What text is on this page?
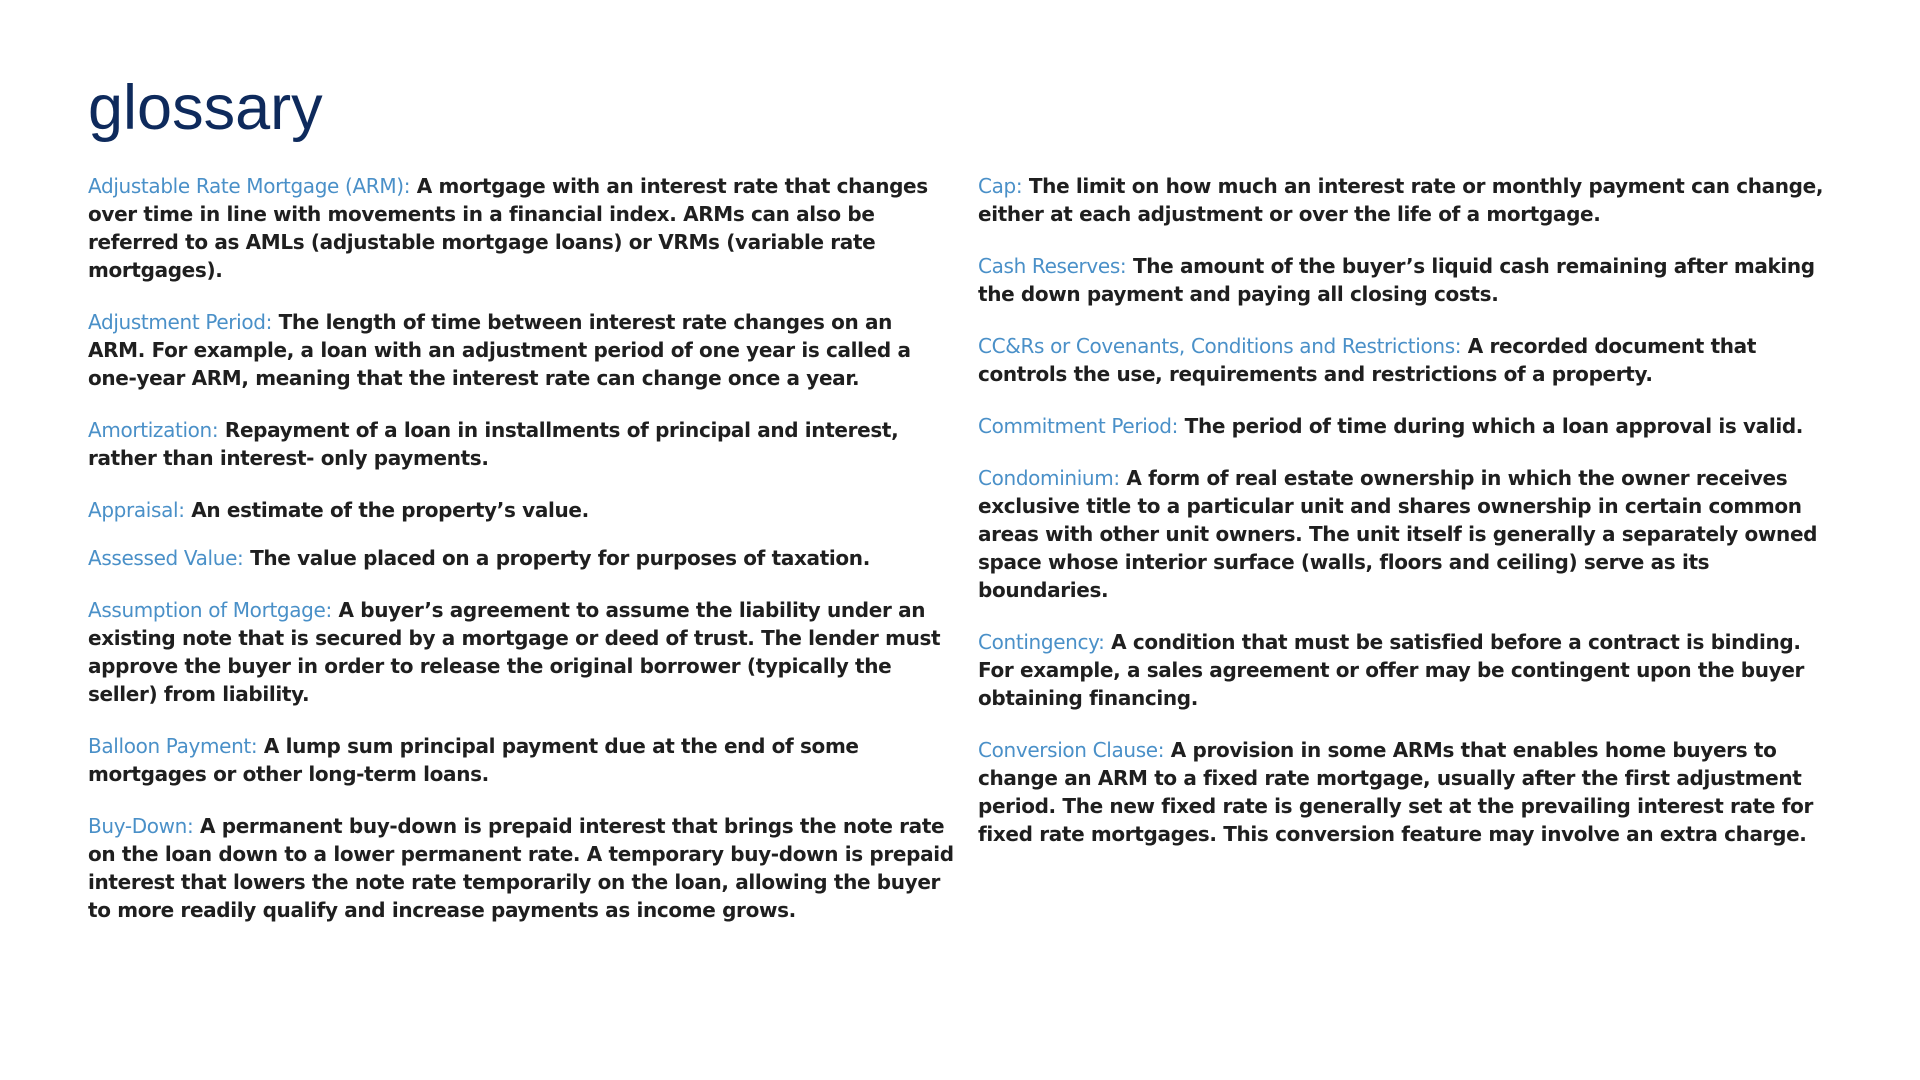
glossary

Adjustable Rate Mortgage (ARM): A mortgage with an interest rate that changes over time in line with movements in a financial index. ARMs can also be referred to as AMLs (adjustable mortgage loans) or VRMs (variable rate mortgages).

Adjustment Period: The length of time between interest rate changes on an ARM. For example, a loan with an adjustment period of one year is called a one-year ARM, meaning that the interest rate can change once a year.

Amortization: Repayment of a loan in installments of principal and interest, rather than interest- only payments.

Appraisal: An estimate of the property’s value.

Assessed Value: The value placed on a property for purposes of taxation.

Assumption of Mortgage: A buyer’s agreement to assume the liability under an existing note that is secured by a mortgage or deed of trust. The lender must approve the buyer in order to release the original borrower (typically the seller) from liability.

Balloon Payment: A lump sum principal payment due at the end of some mortgages or other long-term loans.

Buy-Down: A permanent buy-down is prepaid interest that brings the note rate on the loan down to a lower permanent rate. A temporary buy-down is prepaid interest that lowers the note rate temporarily on the loan, allowing the buyer to more readily qualify and increase payments as income grows.

Cap: The limit on how much an interest rate or monthly payment can change, either at each adjustment or over the life of a mortgage.

Cash Reserves: The amount of the buyer’s liquid cash remaining after making the down payment and paying all closing costs.

CC&Rs or Covenants, Conditions and Restrictions: A recorded document that controls the use, requirements and restrictions of a property.

Commitment Period: The period of time during which a loan approval is valid.

Condominium: A form of real estate ownership in which the owner receives exclusive title to a particular unit and shares ownership in certain common areas with other unit owners. The unit itself is generally a separately owned space whose interior surface (walls, floors and ceiling) serve as its boundaries.

Contingency: A condition that must be satisfied before a contract is binding. For example, a sales agreement or offer may be contingent upon the buyer obtaining financing.

Conversion Clause: A provision in some ARMs that enables home buyers to change an ARM to a fixed rate mortgage, usually after the first adjustment period. The new fixed rate is generally set at the prevailing interest rate for fixed rate mortgages. This conversion feature may involve an extra charge.
